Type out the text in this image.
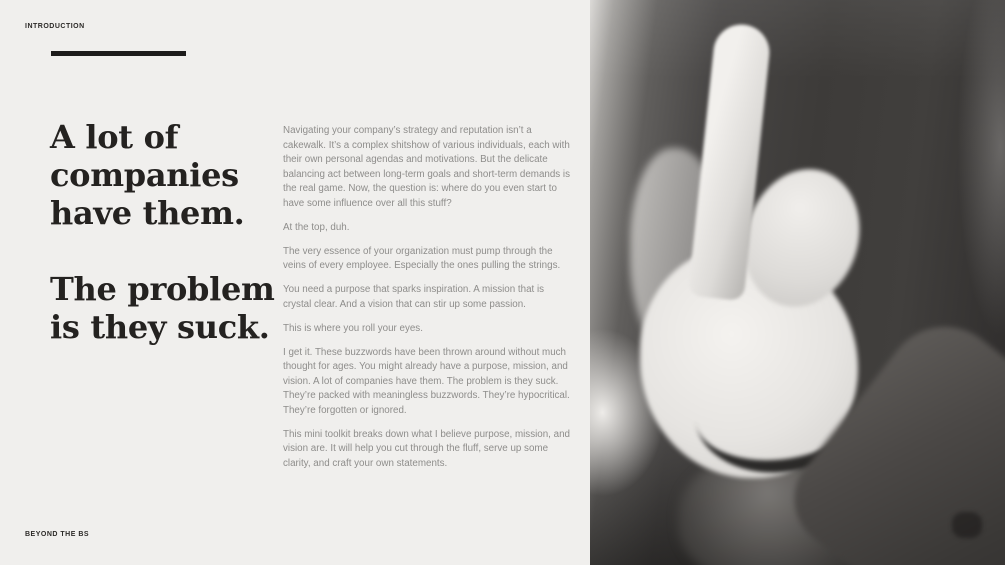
INTRODUCTION
A lot of
companies
have them.
The problem
is they suck.

Navigating your company’s strategy and reputation isn’t a cakewalk. It’s a complex shitshow of various individuals, each with their own personal agendas and motivations. But the delicate balancing act between long-term goals and short-term demands is the real game. Now, the question is: where do you even start to have some influence over all this stuff?

At the top, duh.

The very essence of your organization must pump through the veins of every employee. Especially the ones pulling the strings.

You need a purpose that sparks inspiration. A mission that is crystal clear. And a vision that can stir up some passion.

This is where you roll your eyes.

I get it. These buzzwords have been thrown around without much thought for ages. You might already have a purpose, mission, and vision. A lot of companies have them. The problem is they suck. They’re packed with meaningless buzzwords. They’re hypocritical. They’re forgotten or ignored.

This mini toolkit breaks down what I believe purpose, mission, and vision are. It will help you cut through the fluff, serve up some clarity, and craft your own statements.

BEYOND THE BS
